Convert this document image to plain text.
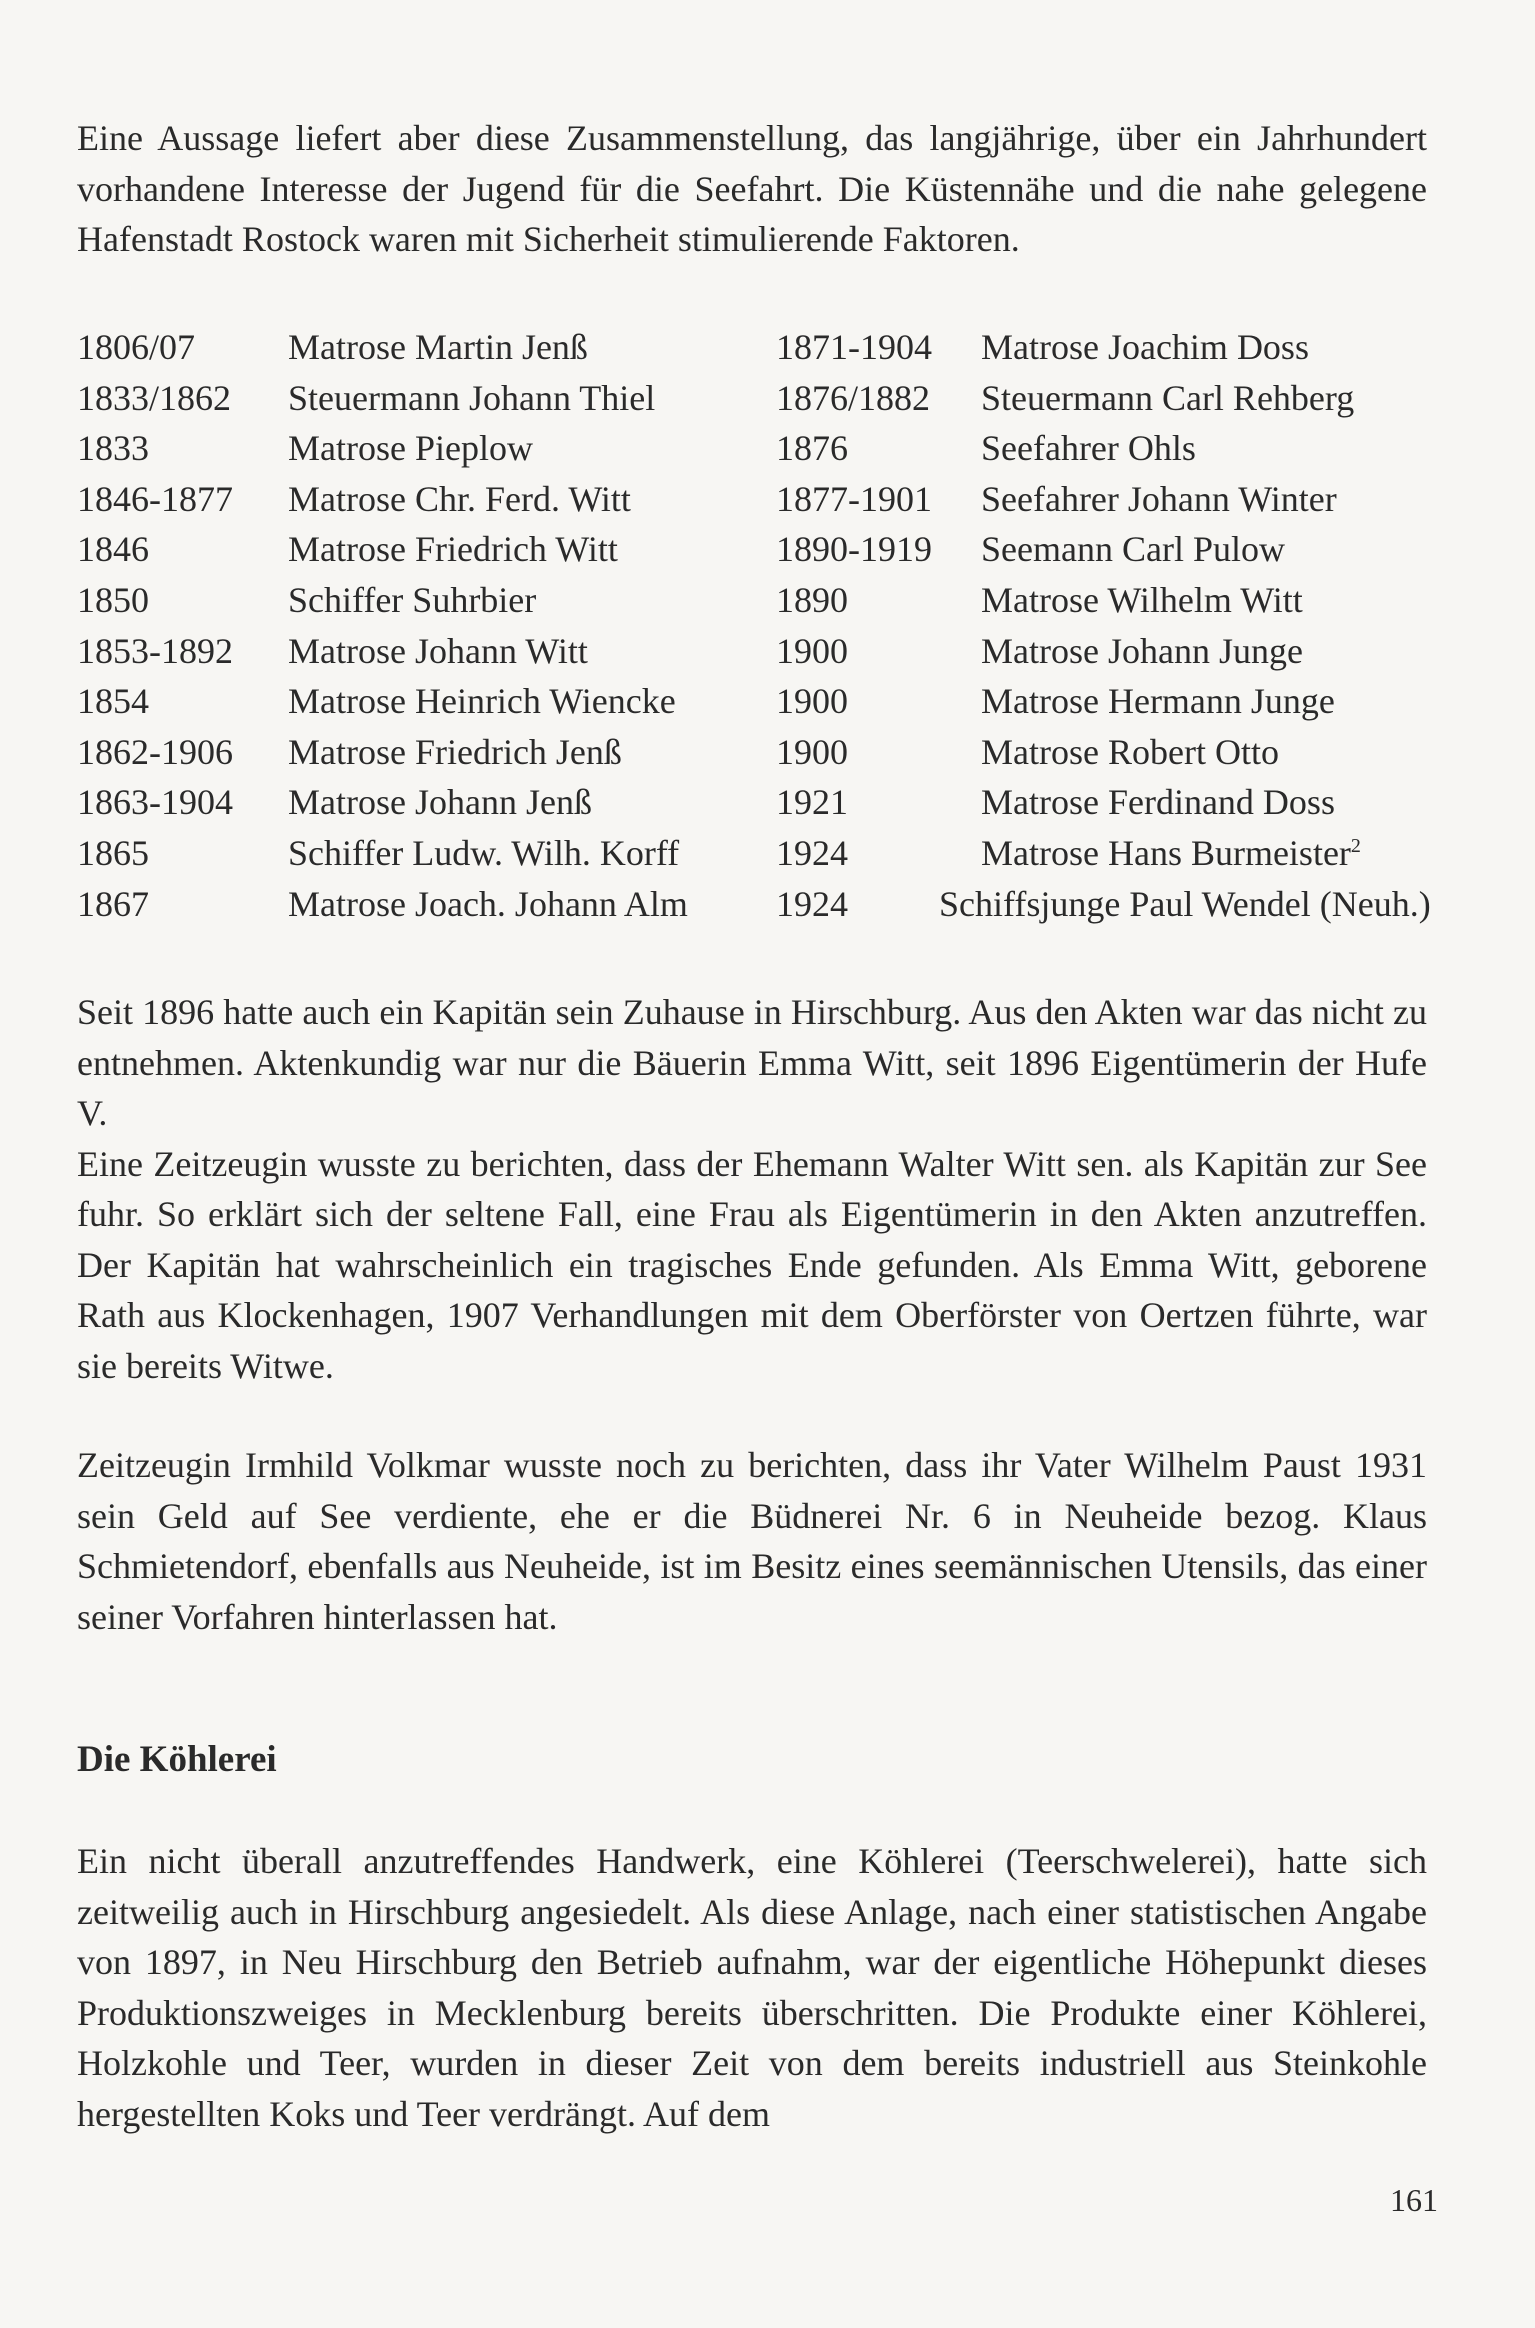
Eine Aussage liefert aber diese Zusammenstellung, das langjährige, über ein Jahrhundert vorhandene Interesse der Jugend für die Seefahrt. Die Küstennähe und die nahe gelegene Hafenstadt Rostock waren mit Sicherheit stimulierende Faktoren.

1806/07	Matrose Martin Jenß	1871-1904 Matrose Joachim Doss
1833/1862 Steuermann Johann Thiel	1876/1882 Steuermann Carl Rehberg
1833	Matrose Pieplow	1876	Seefahrer Ohls
1846-1877 Matrose Chr. Ferd. Witt	1877-1901 Seefahrer Johann Winter
1846	Matrose Friedrich Witt	1890-1919 Seemann Carl Pulow
1850	Schiffer Suhrbier	1890	Matrose Wilhelm Witt
1853-1892 Matrose Johann Witt	1900	Matrose Johann Junge
1854	Matrose Heinrich Wiencke	1900	Matrose Hermann Junge
1862-1906 Matrose Friedrich Jenß	1900	Matrose Robert Otto
1863-1904 Matrose Johann Jenß	1921	Matrose Ferdinand Doss
1865	Schiffer Ludw. Wilh. Korff	1924	Matrose Hans Burmeister$^2$
1867	Matrose Joach. Johann Alm 1924	Schiffsjunge Paul Wendel (Neuh.)

Seit 1896 hatte auch ein Kapitän sein Zuhause in Hirschburg. Aus den Akten war das nicht zu entnehmen. Aktenkundig war nur die Bäuerin Emma Witt, seit 1896 Eigentümerin der Hufe V.

Eine Zeitzeugin wusste zu berichten, dass der Ehemann Walter Witt sen. als Kapitän zur See fuhr. So erklärt sich der seltene Fall, eine Frau als Eigentümerin in den Akten anzutreffen. Der Kapitän hat wahrscheinlich ein tragisches Ende gefunden. Als Emma Witt, geborene Rath aus Klockenhagen, 1907 Verhandlungen mit dem Oberförster von Oertzen führte, war sie bereits Witwe.

Zeitzeugin Irmhild Volkmar wusste noch zu berichten, dass ihr Vater Wilhelm Paust 1931 sein Geld auf See verdiente, ehe er die Büdnerei Nr. 6 in Neuheide bezog. Klaus Schmietendorf, ebenfalls aus Neuheide, ist im Besitz eines seemännischen Utensils, das einer seiner Vorfahren hinterlassen hat.

Die Köhlerei

Ein nicht überall anzutreffendes Handwerk, eine Köhlerei (Teerschwelerei), hatte sich zeitweilig auch in Hirschburg angesiedelt. Als diese Anlage, nach einer statistischen Angabe von 1897, in Neu Hirschburg den Betrieb aufnahm, war der eigentliche Höhepunkt dieses Produktionszweiges in Mecklenburg bereits überschritten. Die Produkte einer Köhlerei, Holzkohle und Teer, wurden in dieser Zeit von dem bereits industriell aus Steinkohle hergestellten Koks und Teer verdrängt. Auf dem

161
